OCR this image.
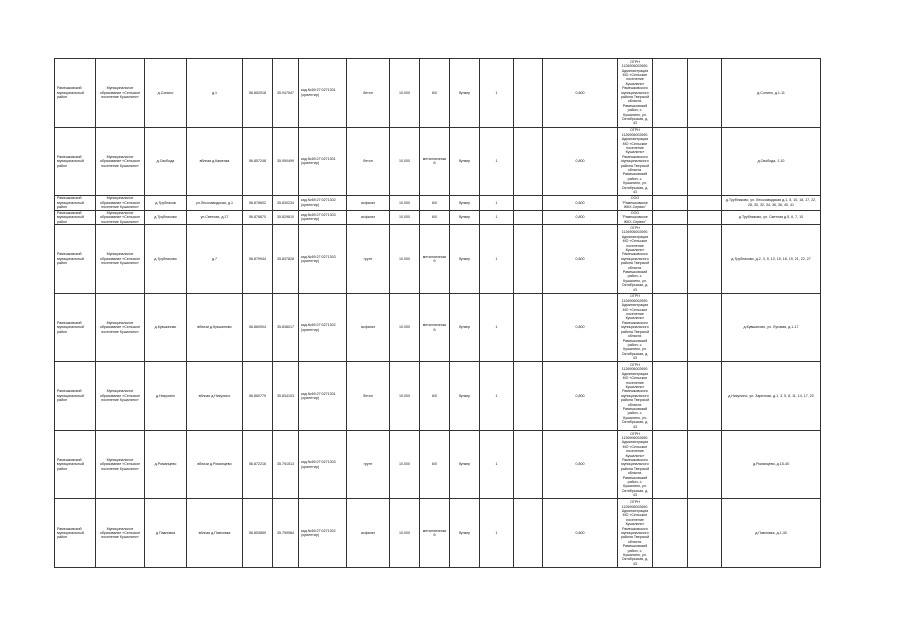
Рамешковский муниципальный район	Муниципальное образование «Сельское поселение Кушалино»	д.Сонино	д.1	56.852918	35.947547	кад.№69:27:0271301 (ориентир)	бетон	10.000	6/0	бункер	1		0,800	ОГРН 1126906002690. Администрация МО «Сельское поселение Кушалино» Рамешковского муниципального района Тверской области. Рамешковский район, с. Кушалино, ул. Октябрьская, д. 43			д.Сонино, д.1-11
Рамешковский муниципальный район	Муниципальное образование «Сельское поселение Кушалино»	д.Свобода	вблизи д.Каменка	56.857248	35.950499	кад.№69:27:0271301 (ориентир)	бетон	10.000	металлический	бункер	1		0,800	ОГРН 1126906002690. Администрация МО «Сельское поселение Кушалино» Рамешковского муниципального района Тверской области. Рамешковский район, с. Кушалино, ул. Октябрьская, д. 43			д.Свобода, 1-10
Рамешковский муниципальный район	Муниципальное образование «Сельское поселение Кушалино»	д.Трубников	ул.Лесозаводская, д.1	56.876602	35.830234	кад.№69:27:0271302 (ориентир)	асфальт	10.000	6/0	бункер	1		0,800	ООО "Рамешковское ЖКХ-Сервис"			д.Трубниково, ул. Лесозаводская д.1, 5, 10, 18, 17, 22, 28, 30, 32, 34, 36, 38, 40, 41
Рамешковский муниципальный район	Муниципальное образование «Сельское поселение Кушалино»	д.Трубниково	ул.Светлая, д.17	56.878670	35.829810	кад.№69:27:0271303 (ориентир)	асфальт	10.000	6/0	бункер	1		0,800	ООО "Рамешковское ЖКХ-Сервис"			д.Трубниково, ул. Светлая д.5, 6, 7, 10
Рамешковский муниципальный район	Муниципальное образование «Сельское поселение Кушалино»	д.Трубниково	д.7	56.879944	35.837828	кад.№69:27:0271303 (ориентир)	грунт	10.000	металлический	бункер	1		0,800	ОГРН 1126906002690. Администрация МО «Сельское поселение Кушалино» Рамешковского муниципального района Тверской области. Рамешковский район, с. Кушалино, ул. Октябрьская, д. 43			д.Трубниково, д.2, 3, 9, 13, 15, 18, 19, 21, 22, 27
Рамешковский муниципальный район	Муниципальное образование «Сельское поселение Кушалино»	д.Кувшиново	вблизи д.Кувшиново	56.860904	35.838017	кад.№69:27:0271302 (ориентир)	асфальт	10.000	металлический	бункер	1		0,800	ОГРН 1126906002690. Администрация МО «Сельское поселение Кушалино» Рамешковского муниципального района Тверской области. Рамешковский район, с. Кушалино, ул. Октябрьская, д. 43			д.Кувшиново, ул. Луговая, д.1-17
Рамешковский муниципальный район	Муниципальное образование «Сельское поселение Кушалино»	д.Никулино	вблизи д.Никулино	56.860779	35.834103	кад.№69:27:0271301 (ориентир)	бетон	10.000	6/0	бункер	1		0,800	ОГРН 1126906002690. Администрация МО «Сельское поселение Кушалино» Рамешковского муниципального района Тверской области. Рамешковский район, с. Кушалино, ул. Октябрьская, д. 43			д.Никулино, ул. Заречная, д.1, 3, 5, 8, 11, 14, 17, 20
Рамешковский муниципальный район	Муниципальное образование «Сельское поселение Кушалино»	д.Романцево	вблизи д.Романцево	56.872216	35.751513	кад.№69:27:0271303 (ориентир)	грунт	10.000	6/0	бункер	1		0,800	ОГРН 1126906002690. Администрация МО «Сельское поселение Кушалино» Рамешковского муниципального района Тверской области. Рамешковский район, с. Кушалино, ул. Октябрьская, д. 43			д.Романцево, д.15-40
Рамешковский муниципальный район	Муниципальное образование «Сельское поселение Кушалино»	д.Павловка	вблизи д.Павловка	56.853859	35.759984	кад.№69:27:0271302 (ориентир)	асфальт	10.000	металлический	бункер	1		0,800	ОГРН 1126906002690. Администрация МО «Сельское поселение Кушалино» Рамешковского муниципального района Тверской области. Рамешковский район, с. Кушалино, ул. Октябрьская, д. 43			д.Павловка, д.1-40
